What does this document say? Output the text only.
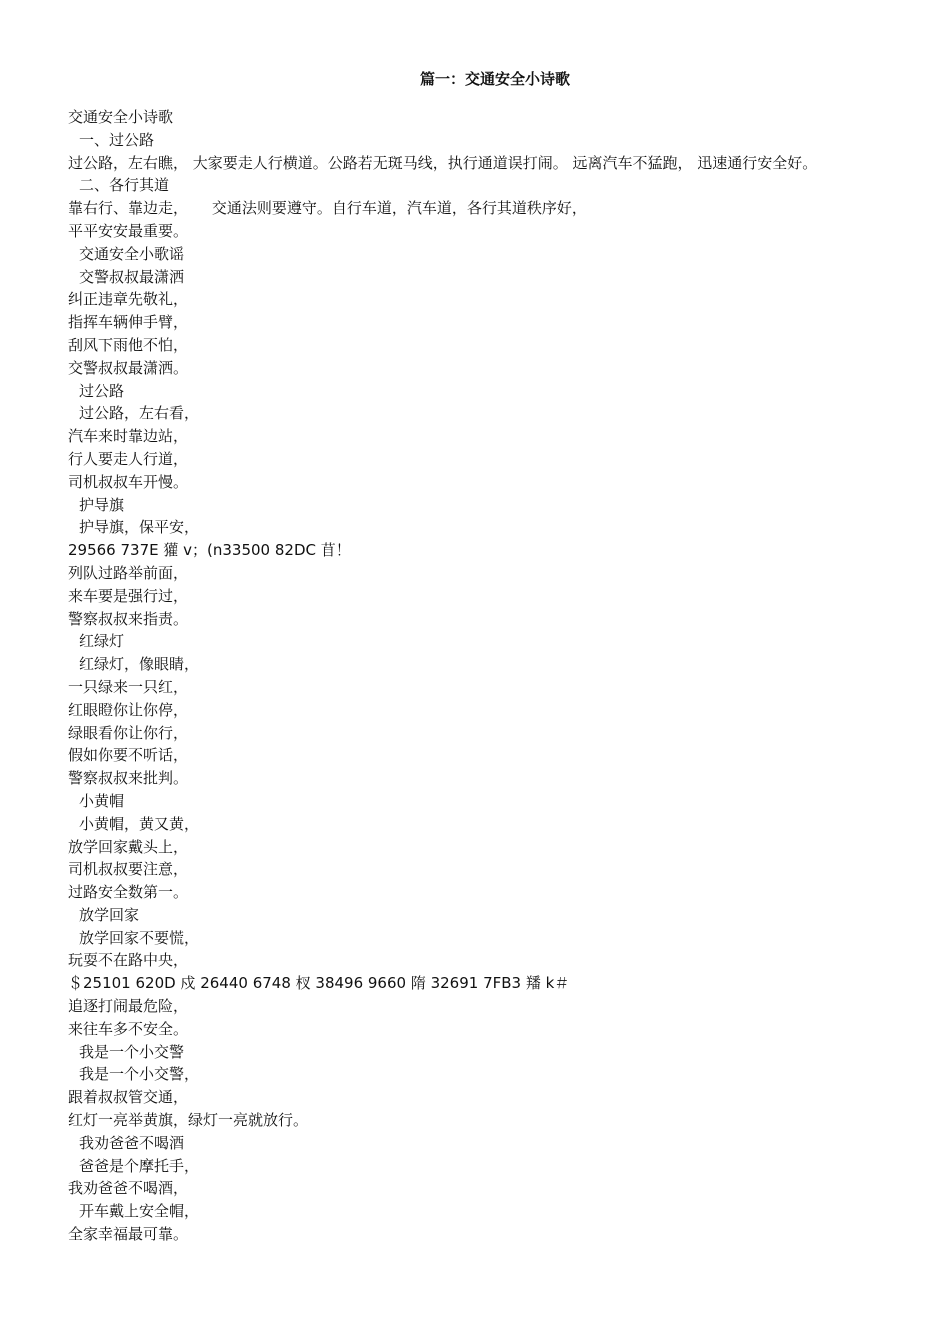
篇一：交通安全小诗歌
交通安全小诗歌
一、过公路
过公路，左右瞧， 大家要走人行横道。公路若无斑马线，执行通道误打闹。 远离汽车不猛跑， 迅速通行安全好。
二、各行其道
靠右行、靠边走，     交通法则要遵守。自行车道，汽车道，各行其道秩序好，
平平安安最重要。
交通安全小歌谣
交警叔叔最潇洒
纠正违章先敬礼，
指挥车辆伸手臂，
刮风下雨他不怕，
交警叔叔最潇洒。
过公路
过公路，左右看，
汽车来时靠边站，
行人要走人行道，
司机叔叔车开慢。
护导旗
护导旗，保平安，
29566 737E 獾 v；(n33500 82DC 苜！
列队过路举前面，
来车要是强行过，
警察叔叔来指责。
红绿灯
红绿灯，像眼睛，
一只绿来一只红，
红眼瞪你让你停，
绿眼看你让你行，
假如你要不听话，
警察叔叔来批判。
小黄帽
小黄帽，黄又黄，
放学回家戴头上，
司机叔叔要注意，
过路安全数第一。
放学回家
放学回家不要慌，
玩耍不在路中央，
＄25101 620D 戍 26440 6748 杈 38496 9660 隋 32691 7FB3 羳 k＃
追逐打闹最危险，
来往车多不安全。
我是一个小交警
我是一个小交警，
跟着叔叔管交通，
红灯一亮举黄旗，绿灯一亮就放行。
我劝爸爸不喝酒
爸爸是个摩托手，
我劝爸爸不喝酒，
开车戴上安全帽，
全家幸福最可靠。
